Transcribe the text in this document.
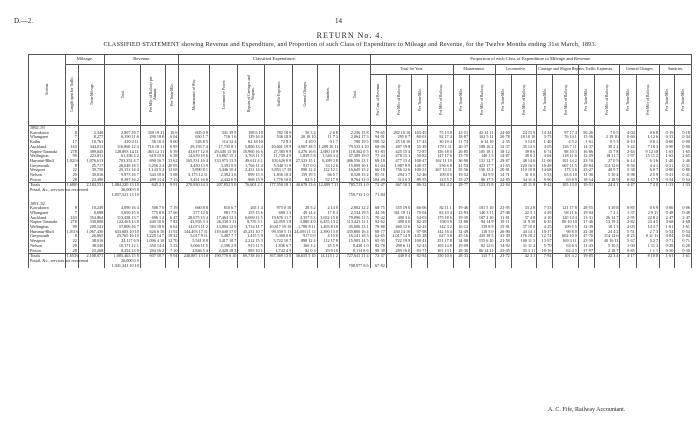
D.—2.	14
RETURN No. 4.
CLASSIFIED STATEMENT showing Revenue and Expenditure, and Proportion of such Class of Expenditure to Mileage and Revenue, for the Twelve Months ending 31st March, 1893.
Section.	Mileage.		Revenue.			Classified Expenditure.							Proportion of each Class of Expenditure to Mileage and Revenue.															
	Length open for Traffic.	Train-Mileage.	Total.	Per Mile of Railway per Annum.	Per Train-Mile.	Maintenance of Way.	Locomotive Power.	Repairs of Carriages and Wagons.	Traffic Expenses.	General Charges.	Sundries.	Total.	Total for Year.				Maintenance.		Locomotive.		Carriage and Wagon Repairs.		Traffic Expenses.		General Charges.		Sundries.	
													Per Cent. of Revenue.	Per Mile of Railway.	Per Train-Mile.	Per Mile of Railway.	Per Train-Mile.	Per Mile of Railway.	Per Train-Mile.	Per Mile of Railway.	Per Train-Mile.	Per Mile of Railway.	Per Train-Mile.	Per Mile of Railway.	Per Train-Mile.	Per Mile of Railway.	Per Train-Mile.	Per Train-Mile.
1892–93																												
Kawakawa	8	3,340	2,807 19 7	350 19 11	16 6	605 0 8	341 19 9	198 6 10	782 18 9	56 3 4	2 6 8	2,236 15 8	79·65	282 10 10	163·45	75 13 0	43·51	42 14 11	24·60	24 15 9	14·24	97 17 4	56·26	7 0 5	4·04	0 6 8	0·19	0·18
Whangarei	7	8,277	6,190 11 6	290 10 0	6 04	650 1 7	716 1 6	129 16 0	536 18 9	20 18 10	11 7 3	2,064 17 3	94·01	295 0 7	60·01	92 17 4	18·87	102 5 11	20·78	18 10 10	3·75	76 14 1	15·56	2 19 10	0·60	1 12 6	0·33	0·34
Kaihu	17	10,761	410 4 11	56 10 4	9 00	526 8 5	114 12 4	62 18 10	72 8 3	4 10 0	0 1 7	780 19 5	190·32	45 18 10	17·43	30 19 4	11·74	6 14 10	2·55	3 14 0	1·40	4 5 2	1·61	0 5 3	0·10	0 0 1	0·00	0·00
Auckland	163	344,011	116,860 12 4	716 18 11	6 95	29,193 7 4	17,735 8 1	5,806 13 4	20,601 19 9	4,907 18 5	1,289 16 11	79,535 4 10	68·06	487 19 8	55·49	179 1 11	20·37	108 16 2	12·37	35 12 5	4·05	126 7 11	14·37	30 2 2	3·42	7 18 3	0·90	0·90
Napier-Taranaki	278	389,845	128,893 14 11	463 12 11	6 39	43,617 12 0	29,440 13 10	10,960 16 6	27,385 9 9	4,276 16 6	2,680 10 9	118,362 0 5	91·83	425 15 4	72·87	156 18 0	26·85	105 18 1	18·12	39 8 6	6·74	98 10 3	16·86	15 7 8	2·63	9 12 10	1·65	1·65
Wellington	99	223,811	61,356 4 2	619 15 0	6 58	14,639 19 6	13,867 15 1	3,763 11 5	11,739 4 0	1,839 5 8	1,540 3 4	47,389 19 0	77·24	478 13 1	50·82	147 17 6	15·70	140 1 5	14·87	38 0 2	4·04	118 11 6	12·59	18 11 7	1·97	15 11 2	1·65	1·65
Hurunui-Bluff	1,021¾	1,076,613	703,352 4 7	690 16 7	13 62	165,531 16 4	133,973 13 3	49,612 4 1	103,626 0 8	27,523 15 1	6,289 3 8	486,556 13 1	69·18	477 13 4	108·47	162 11 10	36·90	131 12 7	29·87	48 14 6	11·06	101 14 2	23·10	27 0 5	6·14	6 3 6	1·40	1·40
Greymouth	8	25,717	26,048 18 5	3,256 2 4	20 05	4,450 13 9	3,391 0 9	1,766 11 4	5,340 11 9	917 0 0	33 12 6	15,899 10 1	61·04	1,987 8 9	148·37	556 6 8	41·53	423 17 7	31·65	220 16 5	16·48	667 11 5	49·84	114 12 6	8·56	4 4 1	0·31	0·31
Westport	22	39,750	25,151 14 4	1,143 5 2	12 65	5,890 8 1	3,446 10 4	2,431 14 6	3,853 17 10	890 12 4	132 12 1	16,645 15 2	66·18	756 12 6	100·51	267 14 11	35·56	156 13 2	20·81	110 10 8	14·68	175 3 6	23·27	40 9 7	5·38	6 0 7	0·80	0·80
Nelson	29	39,016	9,973 16 7	343 18 6	5 08	3,173 12 11	2,392 3 6	899 15 5	1,836 18 4	159 19 5	66 5 7	8,528 15 2	85·51	294 1 7	52·46	109 8 9	19·52	82 9 9	14·71	31 0 6	5·53	63 6 10	11·30	5 10 4	0·98	2 5 9	0·41	0·41
Picton	28	23,490	8,387 16 2	299 11 4	7 15	3,451 16 8	2,432 6 9	968 15 9	1,776 10 0	82 5 1	52 17 9	8,764 11 0	104·49	313 0 5	89·55	123 5 7	35·27	86 17 5	24·85	34 11 4	9·90	63 8 9	18·14	2 18 9	0·84	1 17 9	0·54	0·54
Totals	1,680½	2,184,531	1,084,220 13 10	645 2 3	9 91	270,930 14 3	207,852 5 0	76,601 2 1	177,550 18 1	40,678 13 6	12,099 7 11	785,713 1 0	72·47	467 10 3	86·32	161 4 2	29·77	123 13 8	22·84	45 11 8	8·42	105 13 0	19·51	24 4 1	4·47	7 4 0	1·33	1·33
Postal, &c., services not recovered			26,000 0 0																									
			1,057,521 13 10									759,713 1 0	71·84															

1891–92																												
Kawakawa	8	10,249	4,090 16 4	506 7 0	7 19	660 8 8	810 6 7	265 1 4	975 0 10	28 5 2	2 14 0	2,802 12 2	68·75	355 19 0	66·06	82 11 1	19·46	101 5 10	23·95	33 2 8	7·53	121 17 8	28·55	3 10 8	0·85	0 6 9	0·06	0·06
Whangarei	7	8,698	5,650 15 0	775 8 0	17 66	577 12 8	981 7 5	155 15 6	690 1 3	49 14 4	17 8 3	2,534 19 5	44·56	361 19 11	70·04	82 10 4	15·93	140 3 11	27·08	22 5 1	4·29	98 11 6	19·04	7 2 1	1·37	2 9 11	0·48	0·48
Auckland	163	354,864	113,458 13 7	696 1 2	6 47	28,675 15 4	17,464 12 2	6,069 11 5	19,676 11 7	4,357 5 3	3,652 15 8	79,896 11 5	70·42	490 3 6	54·03	175 18 6	19·39	107 2 10	11·81	37 4 8	4·10	120 14 4	13·31	26 14 7	2·95	22 8 2	2·47	2·47
Napier-Taranaki	278	330,800	122,463 13 8	440 10 6	7 82	43,935 3 3	26,338 5 11	8,755 3 1	24,059 1 8	3,880 4 0	6,455 13 2	113,423 11 1	92·62	408 0 0	82·29	158 0 9	31·88	94 14 9	19·11	31 9 10	6·35	86 10 10	17·46	13 19 2	2·82	23 4 5	4·68	4·68
Wellington	99	209,541	57,806 16 7	583 18 0	6 62	14,073 11 2	13,804 12 9	3,712 11 7	10,817 19 10	1,788 8 11	1,403 8 10	45,600 13 1	78·88	460 12 6	52·23	142 3 2	16·12	139 8 9	15·81	37 10 0	4·25	109 5 5	12·39	18 1 3	2·05	14 3 7	1·61	1·61
Hurunui-Bluff	1,011¾	1,067,430	633,683 10 10	626 6 10	11 92	144,493 17 11	119,640 17 0	45,231 10 7	99,550 5 11	24,493 11 11	2,390 13 0	435,800 16 4	68·77	430 14 10	97·98	142 16 4	32·49	118 5 0	26·90	44 14 1	10·17	98 8 0	22·38	24 4 2	5·51	2 7 3	0·54	0·54
Greymouth	8	26,665	25,765 16 10	3,220 14 7	19 32	5,017 9 11	3,487 7 7	1,415 5 9	5,300 0 0	917 0 0	4 15 0	16,141 18 3	62·65	2,017 14 9	145·28	627 3 8	45·16	435 18 5	31·39	176 18 2	12·74	662 10 0	47·70	114 12 6	8·25	0 11 11	0·04	0·04
Westport	22	38,016	24,117 6 9	1,096 4 10	12 70	5,541 8 0	3,417 10 7	2,212 15 3	3,722 10 7	898 12 4	112 17 8	15,905 14 5	65·95	722 19 9	100·41	251 17 8	34·98	155 6 10	21·58	100 11 3	13·97	169 3 11	23·50	40 16 11	5·67	5 2 7	0·71	0·71
Nelson	29	38,540	10,171 12 1	350 14 4	5 33	3,066 11 5	2,396 2 8	915 11 5	1,836 6 7	160 3 2	45 5 9	8,420 1 0	82·78	290 6 11	52·43	105 14 8	19·09	82 12 6	14·92	31 11 4	5·70	63 6 3	11·43	5 10 5	1·00	1 11 3	0·28	0·28
Picton	28	23,268	8,254 13 0	294 16 2	7 10	2,846 5 4	2,428 18 3	985 10 1	1,742 4 9	82 0 3	29 9 10	8,114 8 6	98·30	289 16 0	83·71	101 13 1	29·36	86 14 11	25·05	35 3 11	10·16	62 4 5	17·97	2 18 7	0·85	1 1 1	0·30	0·30
Totals	1,653¾	2,108,071	1,005,463 15 8	607 18 7	9 94	248,887 13 10	190,770 0 10	69,718 16 1	167,369 13 0	36,655 5 10	14,115 1 2	727,641 11 4	72·37	440 0 4	82·84	150 10 0	28·33	115 7 1	21·72	42 3 3	7·94	101 4 2	19·05	22 3 4	4·17	8 10 8	1·61	1·61
Postal, &c., services not recovered			26,000 0 0																									
			1,041,341 10 10									708,977 8 6	67·82															
A. C. Fife, Railway Accountant.
